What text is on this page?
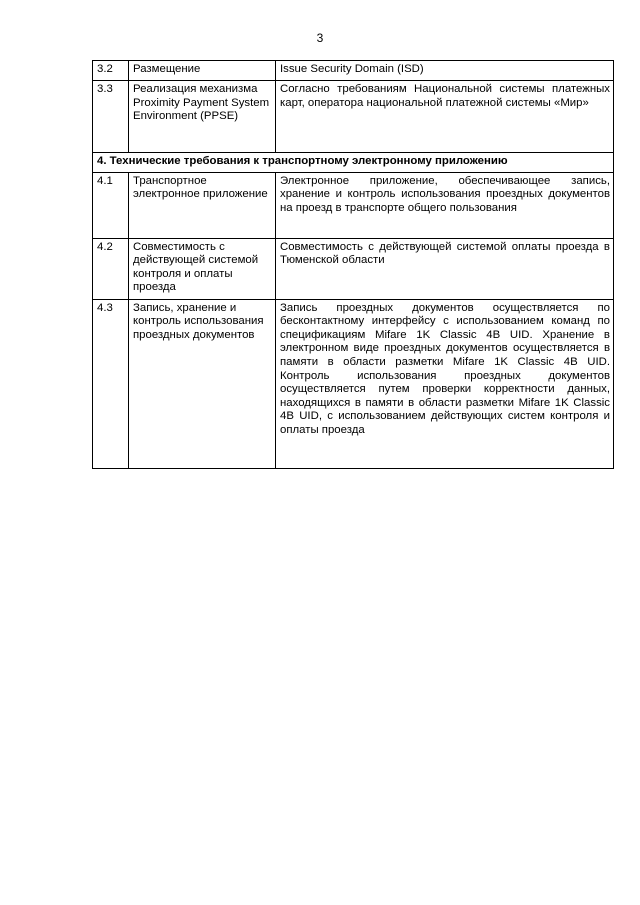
3
3.2	Размещение	Issue Security Domain (ISD)
3.3	Реализация механизма Proximity Payment System Environment (PPSE)	Согласно требованиям Национальной системы платежных карт, оператора национальной платежной системы «Мир»
4. Технические требования к транспортному электронному приложению		
4.1	Транспортное электронное приложение	Электронное приложение, обеспечивающее запись, хранение и контроль использования проездных документов на проезд в транспорте общего пользования
4.2	Совместимость с действующей системой контроля и оплаты проезда	Совместимость с действующей системой оплаты проезда в Тюменской области
4.3	Запись, хранение и контроль использования проездных документов	Запись проездных документов осуществляется по бесконтактному интерфейсу с использованием команд по спецификациям Mifare 1K Classic 4B UID. Хранение в электронном виде проездных документов осуществляется в памяти в области разметки Mifare 1K Classic 4B UID. Контроль использования проездных документов осуществляется путем проверки корректности данных, находящихся в памяти в области разметки Mifare 1K Classic 4B UID, с использованием действующих систем контроля и оплаты проезда
